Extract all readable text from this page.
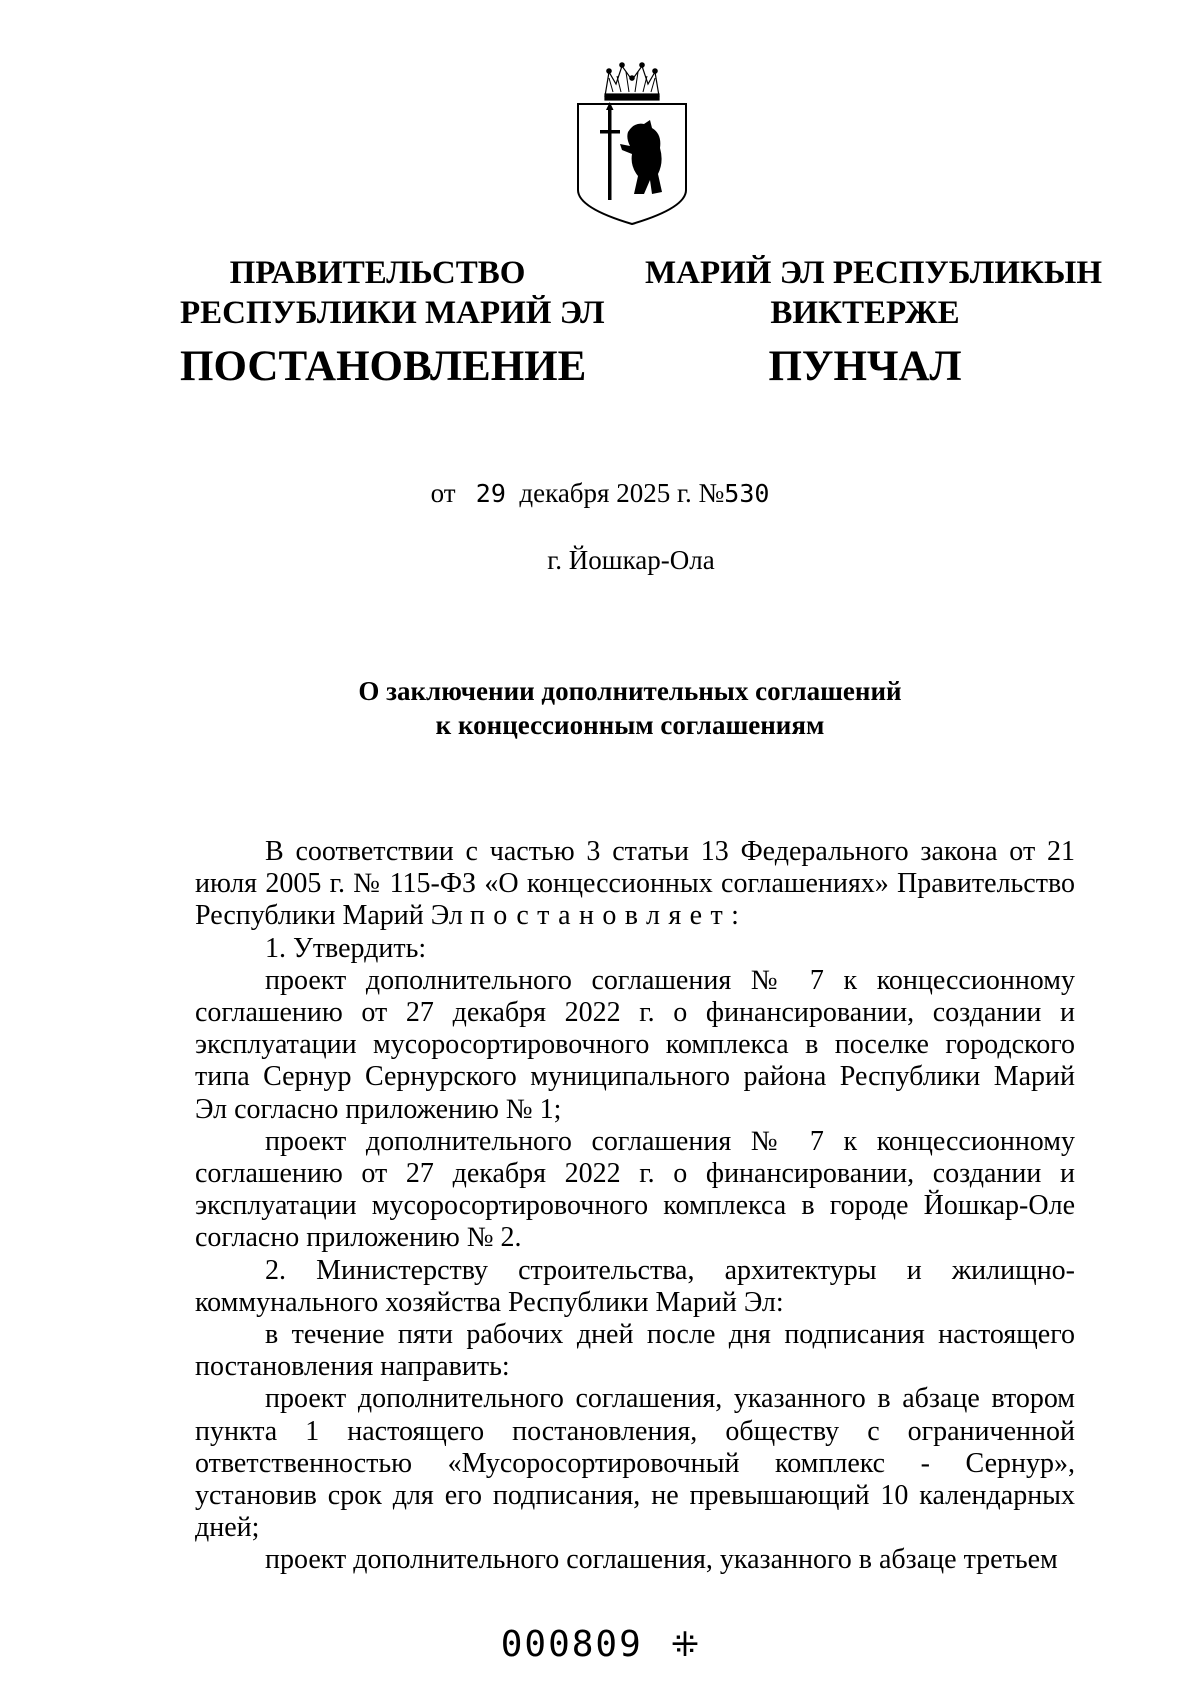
ПРАВИТЕЛЬСТВО
РЕСПУБЛИКИ МАРИЙ ЭЛ
ПОСТАНОВЛЕНИЕ
МАРИЙ ЭЛ РЕСПУБЛИКЫН
ВИКТЕРЖЕ
ПУНЧАЛ
от 29 декабря 2025 г. №530
г. Йошкар-Ола
О заключении дополнительных соглашений
к концессионным соглашениям

В соответствии с частью 3 статьи 13 Федерального закона от 21 июля 2005 г. № 115-ФЗ «О концессионных соглашениях» Правительство Республики Марий Эл постановляет:

1. Утвердить:

проект дополнительного соглашения № 7 к концессионному соглашению от 27 декабря 2022 г. о финансировании, создании и эксплуатации мусоросортировочного комплекса в поселке городского типа Сернур Сернурского муниципального района Республики Марий Эл согласно приложению № 1;

проект дополнительного соглашения № 7 к концессионному соглашению от 27 декабря 2022 г. о финансировании, создании и эксплуатации мусоросортировочного комплекса в городе Йошкар-Оле согласно приложению № 2.

2. Министерству строительства, архитектуры и жилищно-коммунального хозяйства Республики Марий Эл:

в течение пяти рабочих дней после дня подписания настоящего постановления направить:

проект дополнительного соглашения, указанного в абзаце втором пункта 1 настоящего постановления, обществу с ограниченной ответственностью «Мусоросортировочный комплекс - Сернур», установив срок для его подписания, не превышающий 10 календарных дней;

проект дополнительного соглашения, указанного в абзаце третьем

000809 ⁜
